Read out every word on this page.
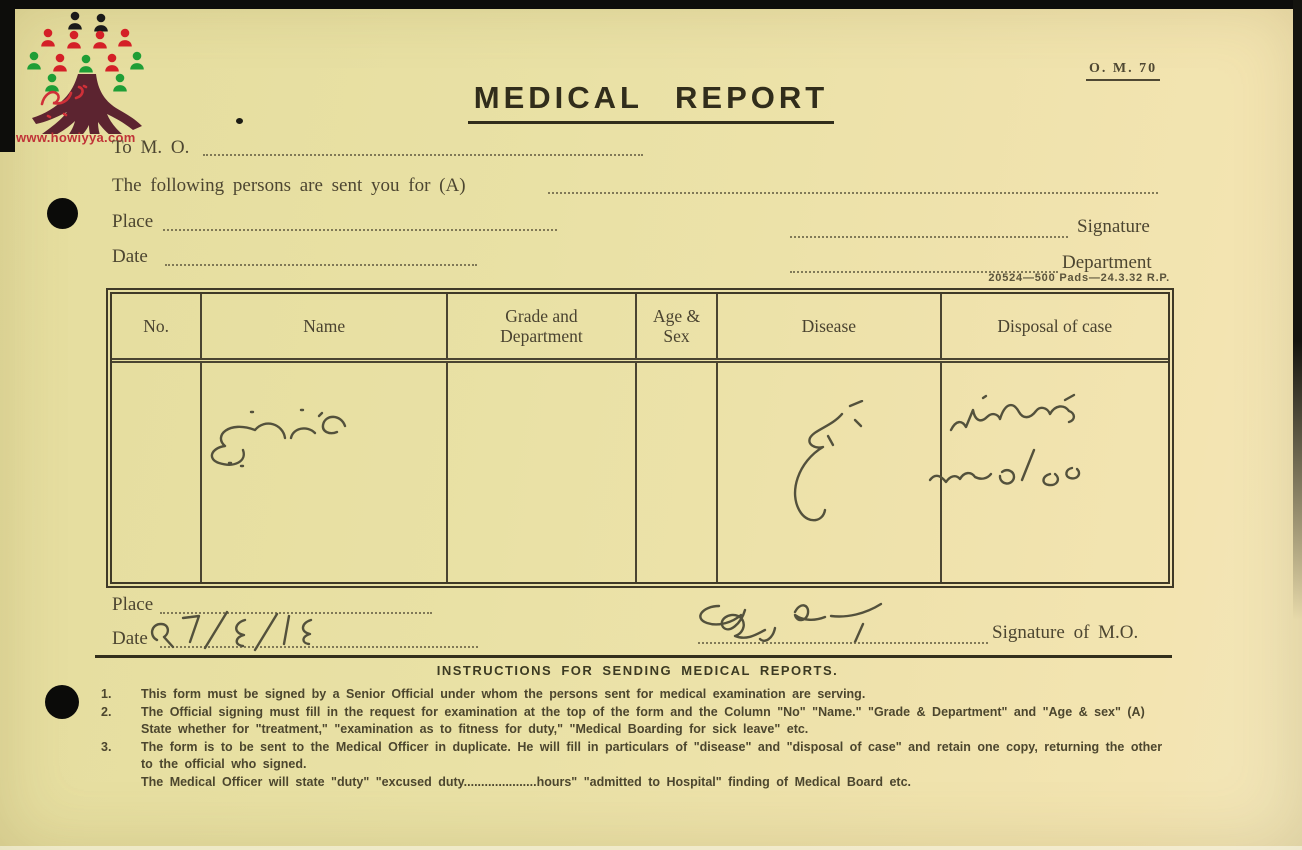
www.howiyya.com
O. M. 70
MEDICAL REPORT
To M. O.
The following persons are sent you for (A)
Place	Signature
Date	Department
20524—500 Pads—24.3.32 R.P.
No.	Name	Grade and Department	Age & Sex	Disease	Disposal of case

Place
Date	Signature of M.O.
INSTRUCTIONS FOR SENDING MEDICAL REPORTS.
1.	This form must be signed by a Senior Official under whom the persons sent for medical examination are serving.
2.	The Official signing must fill in the request for examination at the top of the form and the Column "No" "Name." "Grade & Department" and "Age & sex" (A) State whether for "treatment," "examination as to fitness for duty," "Medical Boarding for sick leave" etc.
3.	The form is to be sent to the Medical Officer in duplicate. He will fill in particulars of "disease" and "disposal of case" and retain one copy, returning the other to the official who signed.
The Medical Officer will state "duty" "excused duty.....................hours" "admitted to Hospital" finding of Medical Board etc.
